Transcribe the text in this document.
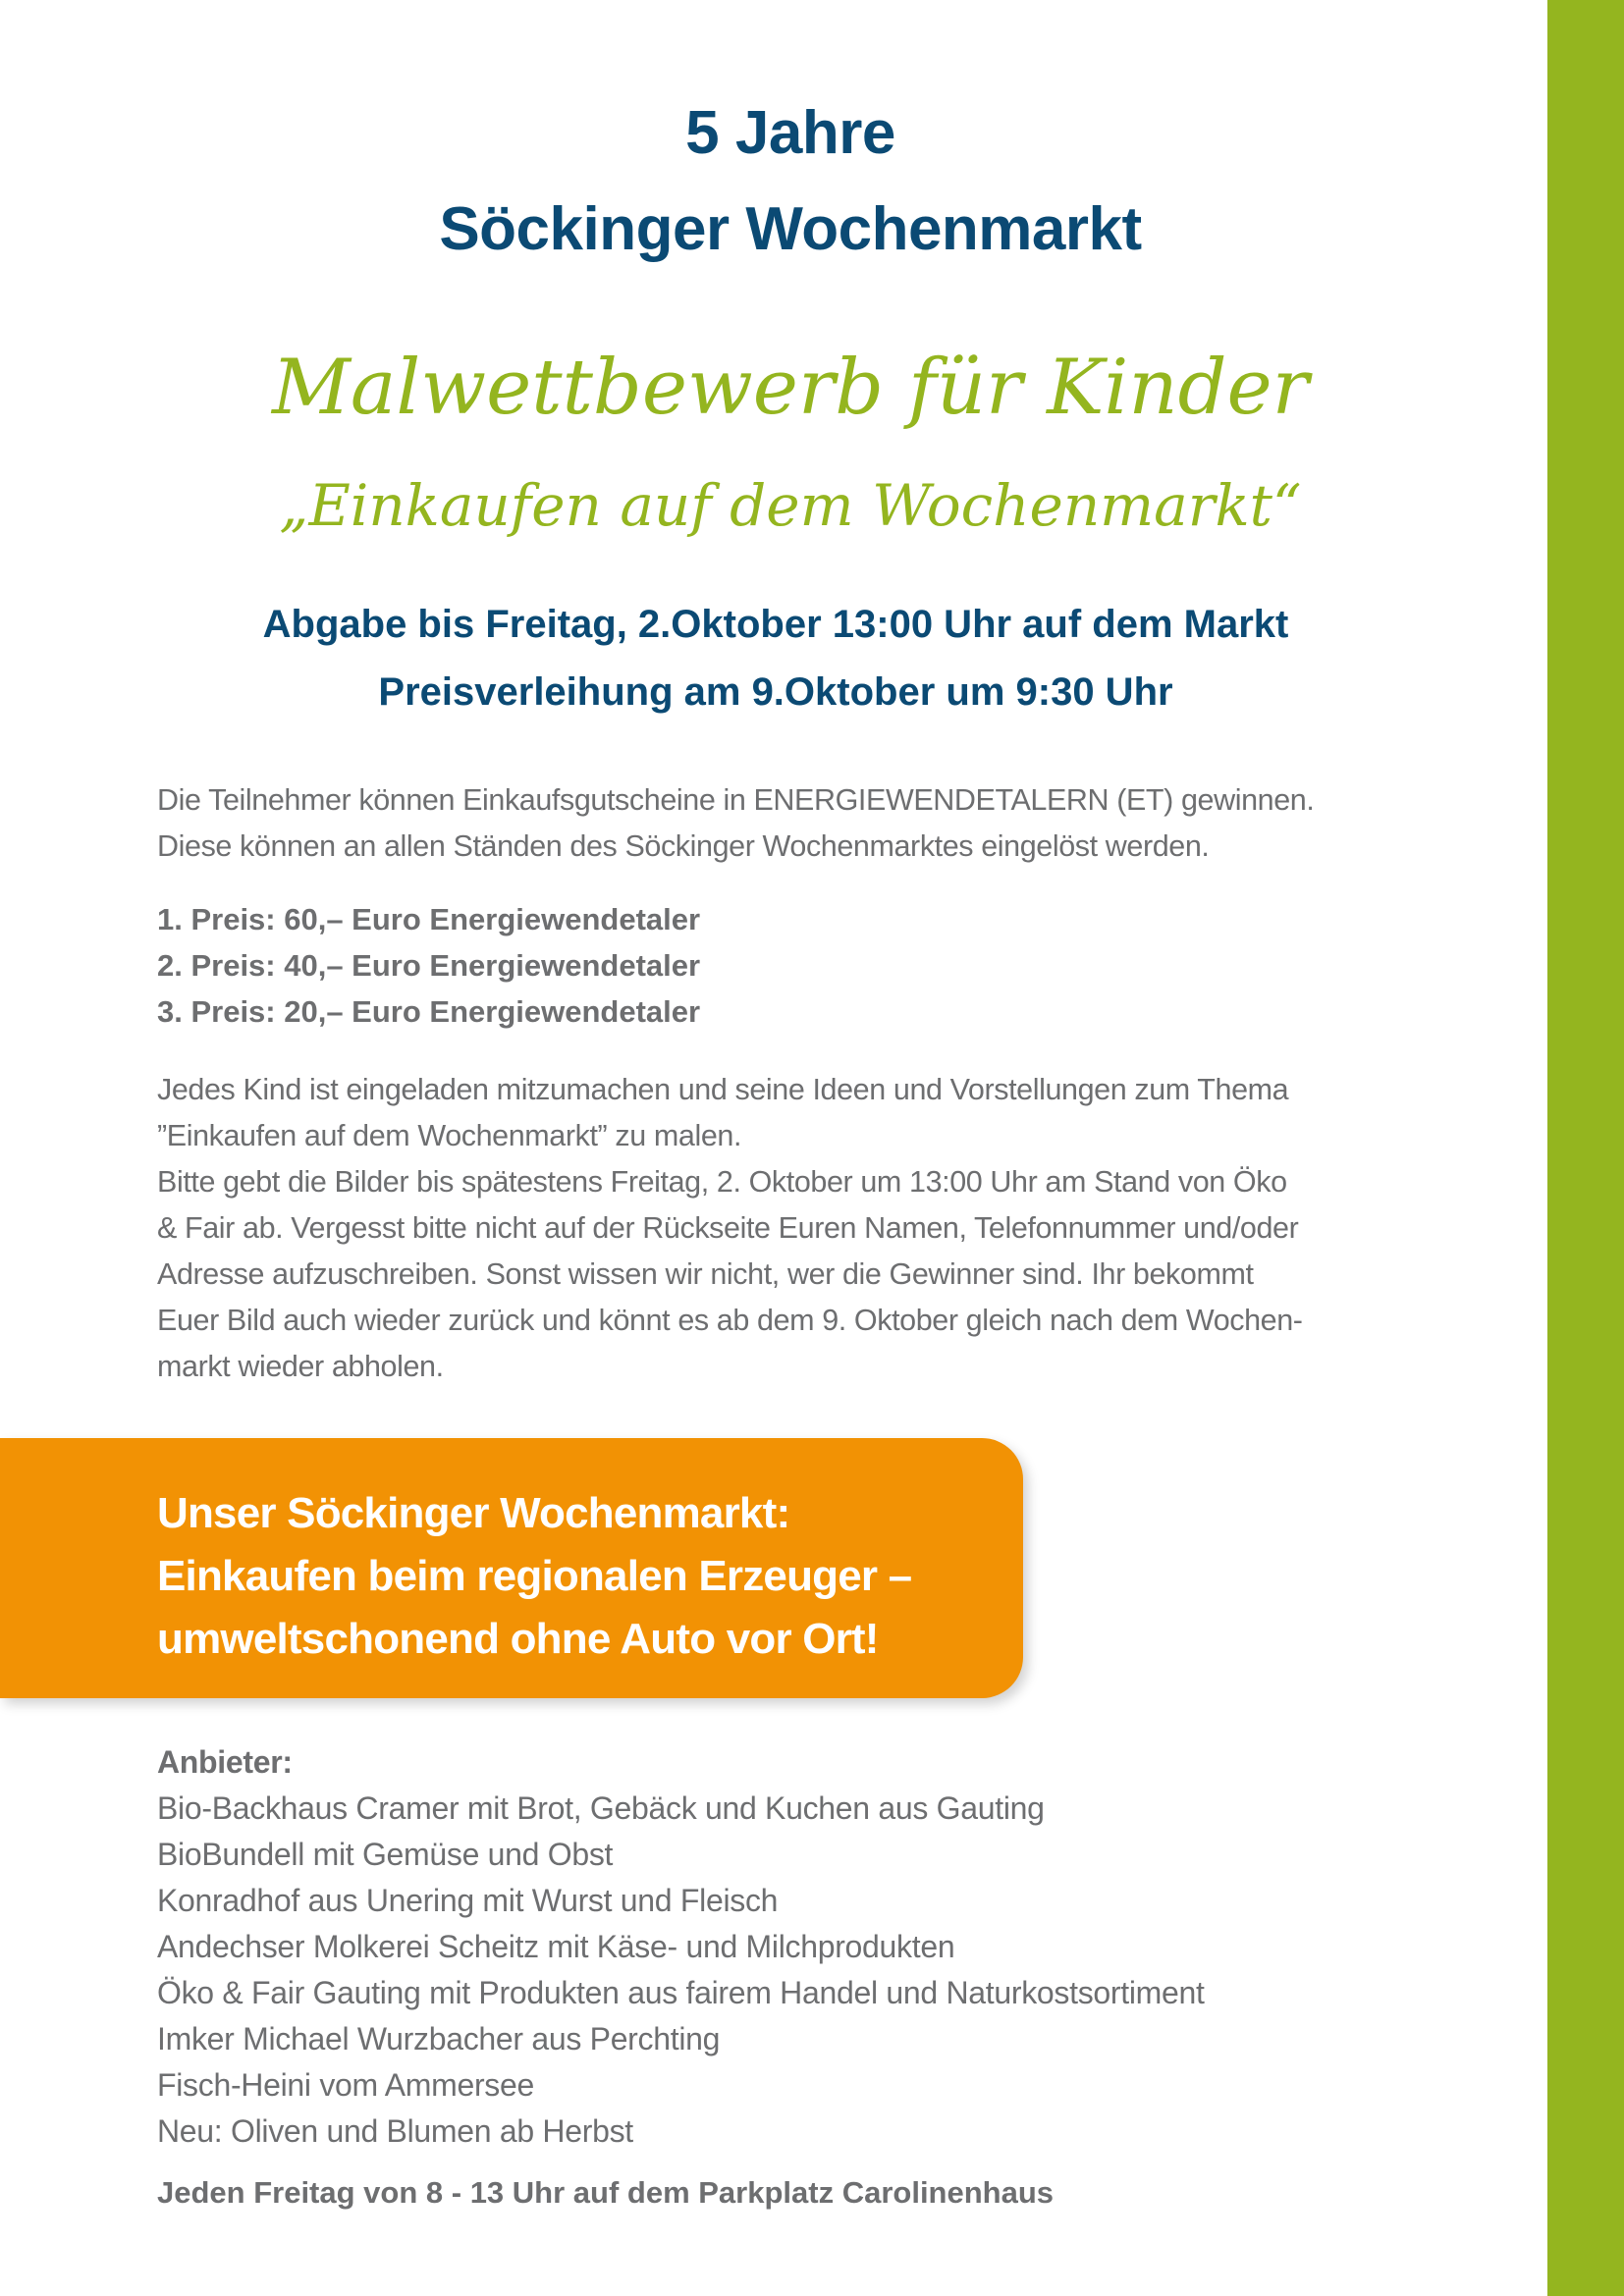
5 Jahre
Söckinger Wochenmarkt
Malwettbewerb für Kinder
„Einkaufen auf dem Wochenmarkt“
Abgabe bis Freitag, 2.Oktober 13:00 Uhr auf dem Markt
Preisverleihung am 9.Oktober um 9:30 Uhr

Die Teilnehmer können Einkaufsgutscheine in ENERGIEWENDETALERN (ET) gewinnen.

Diese können an allen Ständen des Söckinger Wochenmarktes eingelöst werden.

1. Preis: 60,– Euro Energiewendetaler
2. Preis: 40,– Euro Energiewendetaler
3. Preis: 20,– Euro Energiewendetaler

Jedes Kind ist eingeladen mitzumachen und seine Ideen und Vorstellungen zum Thema

”Einkaufen auf dem Wochenmarkt” zu malen.

Bitte gebt die Bilder bis spätestens Freitag, 2. Oktober um 13:00 Uhr am Stand von Öko

& Fair ab. Vergesst bitte nicht auf der Rückseite Euren Namen, Telefonnummer und/oder

Adresse aufzuschreiben. Sonst wissen wir nicht, wer die Gewinner sind. Ihr bekommt

Euer Bild auch wieder zurück und könnt es ab dem 9. Oktober gleich nach dem Wochen-

markt wieder abholen.

Unser Söckinger Wochenmarkt:
Einkaufen beim regionalen Erzeuger –
umweltschonend ohne Auto vor Ort!
Anbieter:
Bio-Backhaus Cramer mit Brot, Gebäck und Kuchen aus Gauting
BioBundell mit Gemüse und Obst
Konradhof aus Unering mit Wurst und Fleisch
Andechser Molkerei Scheitz mit Käse- und Milchprodukten
Öko & Fair Gauting mit Produkten aus fairem Handel und Naturkostsortiment
Imker Michael Wurzbacher aus Perchting
Fisch-Heini vom Ammersee
Neu: Oliven und Blumen ab Herbst
Jeden Freitag von 8 - 13 Uhr auf dem Parkplatz Carolinenhaus
